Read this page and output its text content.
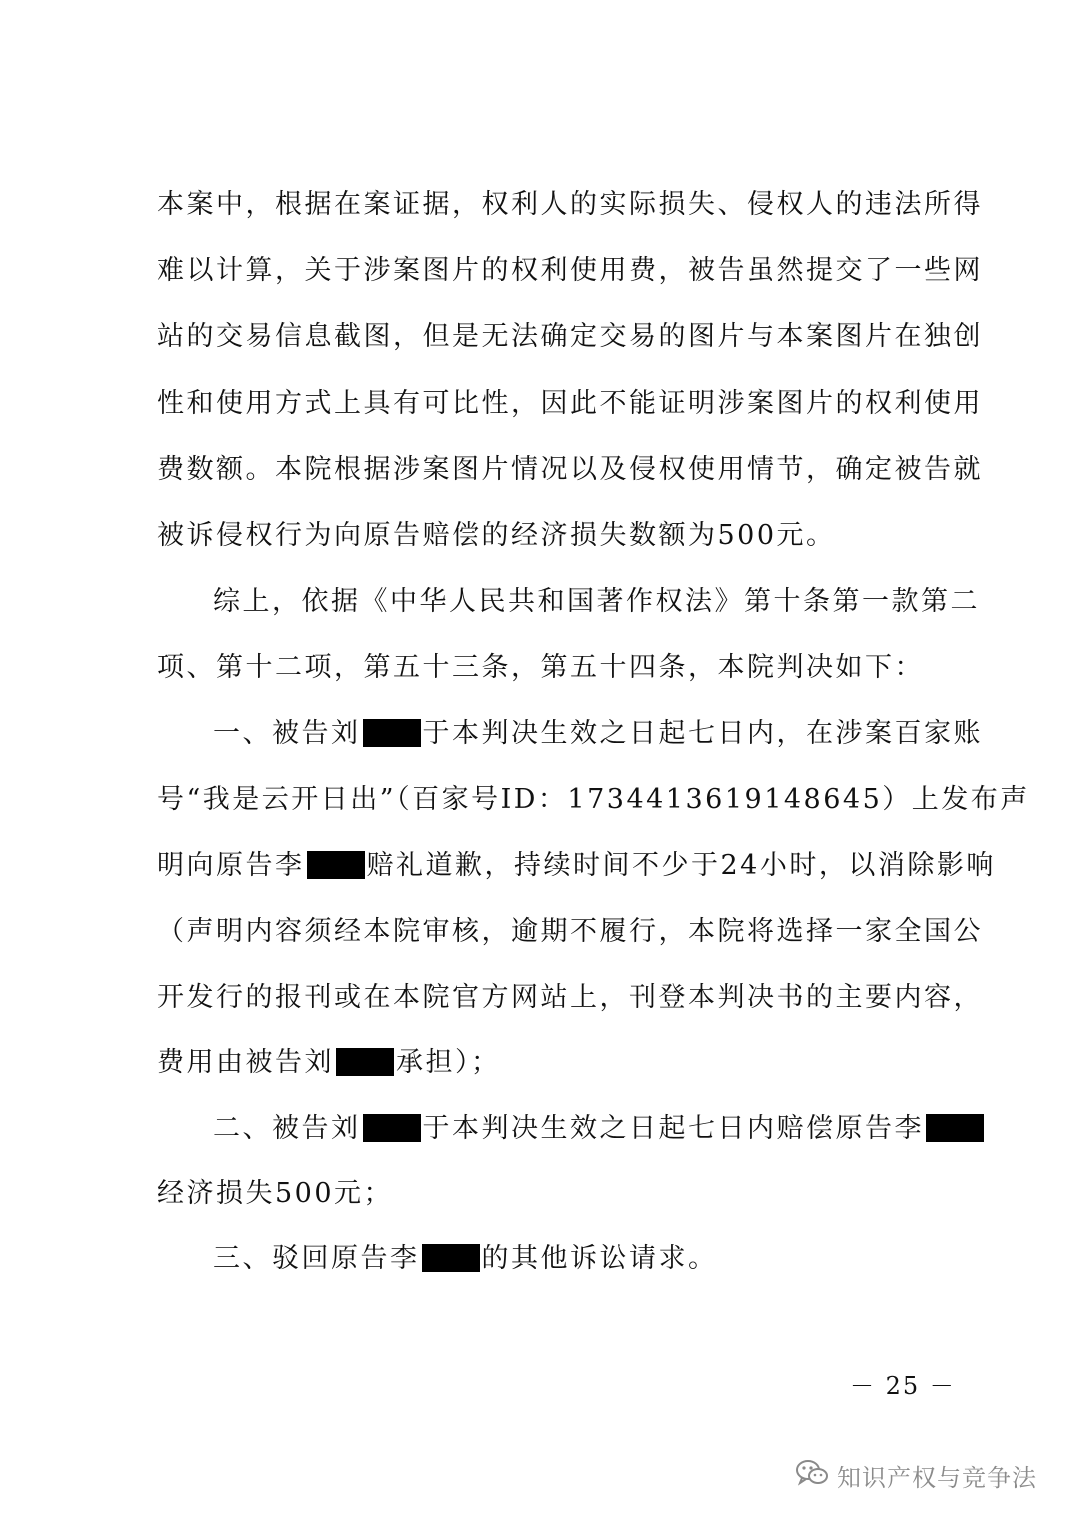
本案中，根据在案证据，权利人的实际损失、侵权人的违法所得
难以计算，关于涉案图片的权利使用费，被告虽然提交了一些网
站的交易信息截图，但是无法确定交易的图片与本案图片在独创
性和使用方式上具有可比性，因此不能证明涉案图片的权利使用
费数额。本院根据涉案图片情况以及侵权使用情节，确定被告就
被诉侵权行为向原告赔偿的经济损失数额为500元。
综上，依据《中华人民共和国著作权法》第十条第一款第二
项、第十二项，第五十三条，第五十四条，本院判决如下：
一、被告刘 于本判决生效之日起七日内，在涉案百家账
号“我是云开日出”（百家号ID：1734413619148645）上发布声
明向原告李 赔礼道歉，持续时间不少于24小时，以消除影响
（声明内容须经本院审核，逾期不履行，本院将选择一家全国公
开发行的报刊或在本院官方网站上，刊登本判决书的主要内容，
费用由被告刘 承担）；
二、被告刘 于本判决生效之日起七日内赔偿原告李
经济损失500元；
三、驳回原告李 的其他诉讼请求。
－ 25 －
知识产权与竞争法
